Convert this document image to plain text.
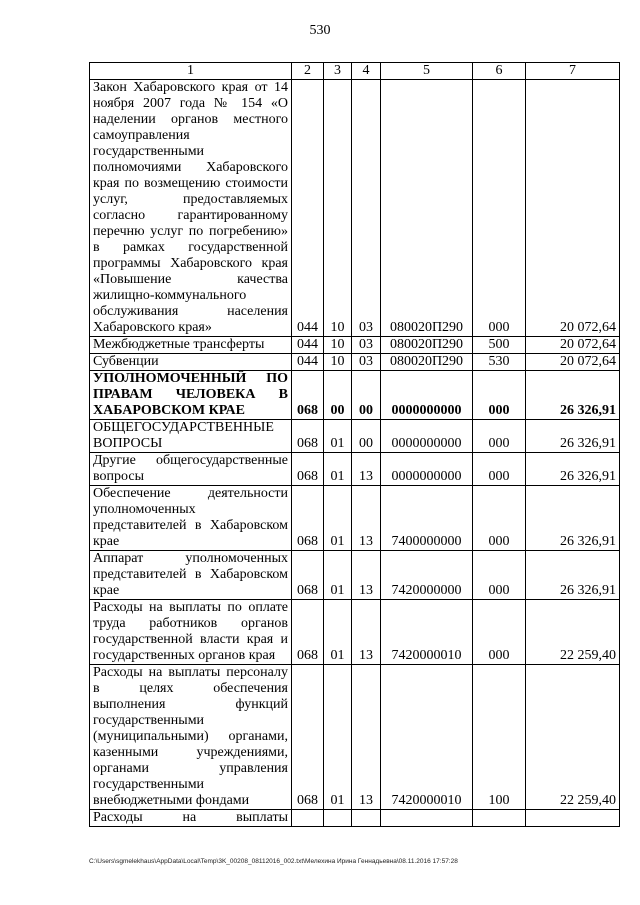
530
1	2	3	4	5	6	7
Закон Хабаровского края от 14 ноября 2007 года № 154 «О наделении органов местного самоуправления государственными полномочиями Хабаровского края по возмещению стоимости услуг, предоставляемых согласно гарантированному перечню услуг по погребению» в рамках государственной программы Хабаровского края «Повышение качества жилищно-коммунального обслуживания населения Хабаровского края»	044	10	03	080020П290	000	20 072,64
Межбюджетные трансферты	044	10	03	080020П290	500	20 072,64
Субвенции	044	10	03	080020П290	530	20 072,64
УПОЛНОМОЧЕННЫЙ ПО ПРАВАМ ЧЕЛОВЕКА В ХАБАРОВСКОМ КРАЕ	068	00	00	0000000000	000	26 326,91
ОБЩЕГОСУДАРСТВЕННЫЕ ВОПРОСЫ	068	01	00	0000000000	000	26 326,91
Другие общегосударственные вопросы	068	01	13	0000000000	000	26 326,91
Обеспечение деятельности уполномоченных представителей в Хабаровском крае	068	01	13	7400000000	000	26 326,91
Аппарат уполномоченных представителей в Хабаровском крае	068	01	13	7420000000	000	26 326,91
Расходы на выплаты по оплате труда работников органов государственной власти края и государственных органов края	068	01	13	7420000010	000	22 259,40
Расходы на выплаты персоналу в целях обеспечения выполнения функций государственными (муниципальными) органами, казенными учреждениями, органами управления государственными внебюджетными фондами	068	01	13	7420000010	100	22 259,40
Расходы на выплаты						
C:\Users\sgmelekhaus\AppData\Local\Temp\3K_00208_08112016_002.txt\Мелехина Ирина Геннадьевна\08.11.2016 17:57:28
